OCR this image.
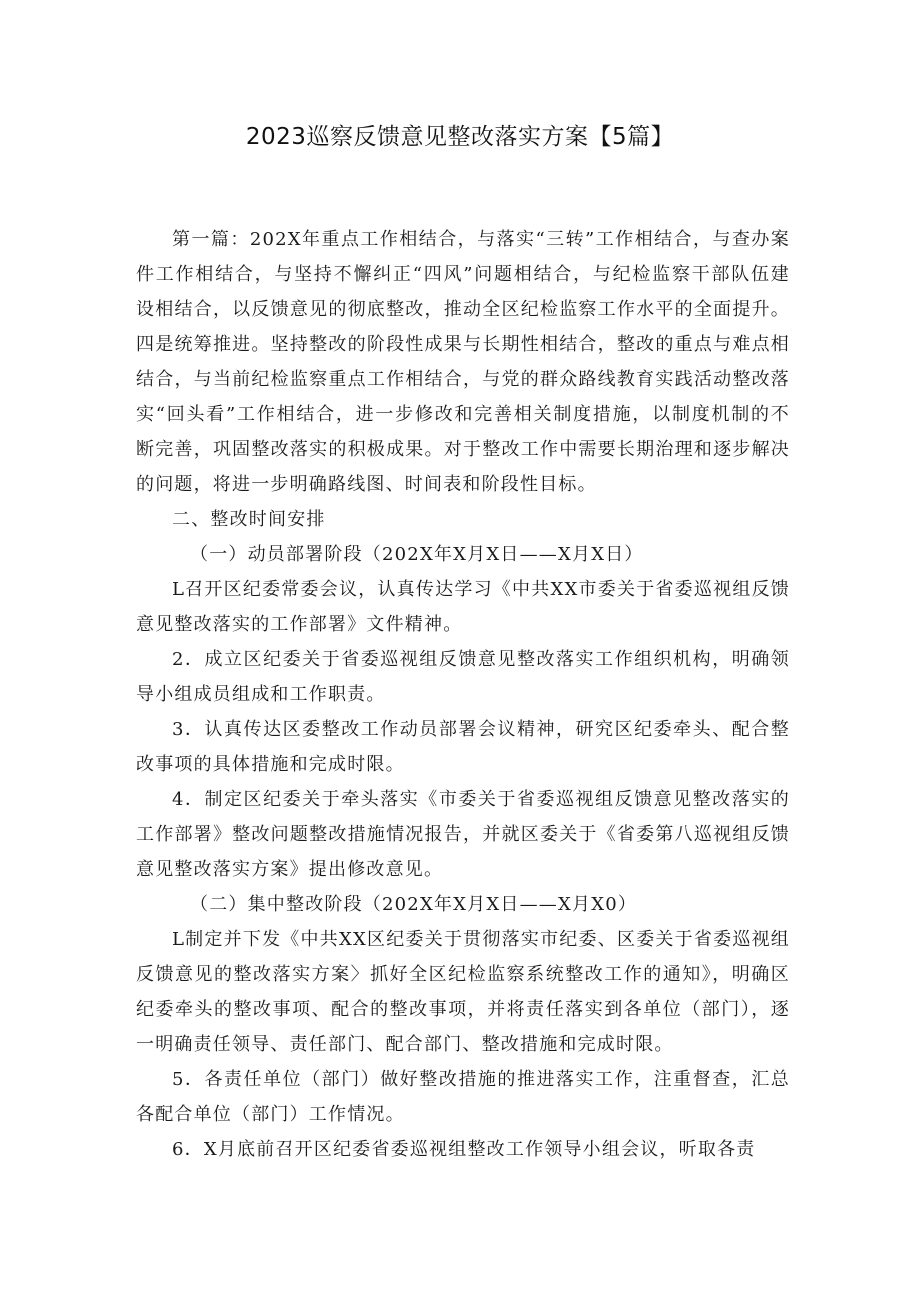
2023巡察反馈意见整改落实方案【5篇】

第一篇：202X年重点工作相结合，与落实“三转”工作相结合，与查办案件工作相结合，与坚持不懈纠正“四风”问题相结合，与纪检监察干部队伍建设相结合，以反馈意见的彻底整改，推动全区纪检监察工作水平的全面提升。四是统筹推进。坚持整改的阶段性成果与长期性相结合，整改的重点与难点相结合，与当前纪检监察重点工作相结合，与党的群众路线教育实践活动整改落实“回头看”工作相结合，进一步修改和完善相关制度措施，以制度机制的不断完善，巩固整改落实的积极成果。对于整改工作中需要长期治理和逐步解决的问题，将进一步明确路线图、时间表和阶段性目标。

二、整改时间安排

（一）动员部署阶段（202X年X月X日——X月X日）

L召开区纪委常委会议，认真传达学习《中共XX市委关于省委巡视组反馈意见整改落实的工作部署》文件精神。

2．成立区纪委关于省委巡视组反馈意见整改落实工作组织机构，明确领导小组成员组成和工作职责。

3．认真传达区委整改工作动员部署会议精神，研究区纪委牵头、配合整改事项的具体措施和完成时限。

4．制定区纪委关于牵头落实《市委关于省委巡视组反馈意见整改落实的工作部署》整改问题整改措施情况报告，并就区委关于《省委第八巡视组反馈意见整改落实方案》提出修改意见。

（二）集中整改阶段（202X年X月X日——X月X0）

L制定并下发《中共XX区纪委关于贯彻落实市纪委、区委关于省委巡视组反馈意见的整改落实方案〉抓好全区纪检监察系统整改工作的通知》，明确区纪委牵头的整改事项、配合的整改事项，并将责任落实到各单位（部门），逐一明确责任领导、责任部门、配合部门、整改措施和完成时限。

5．各责任单位（部门）做好整改措施的推进落实工作，注重督查，汇总各配合单位（部门）工作情况。

6．X月底前召开区纪委省委巡视组整改工作领导小组会议，听取各责
